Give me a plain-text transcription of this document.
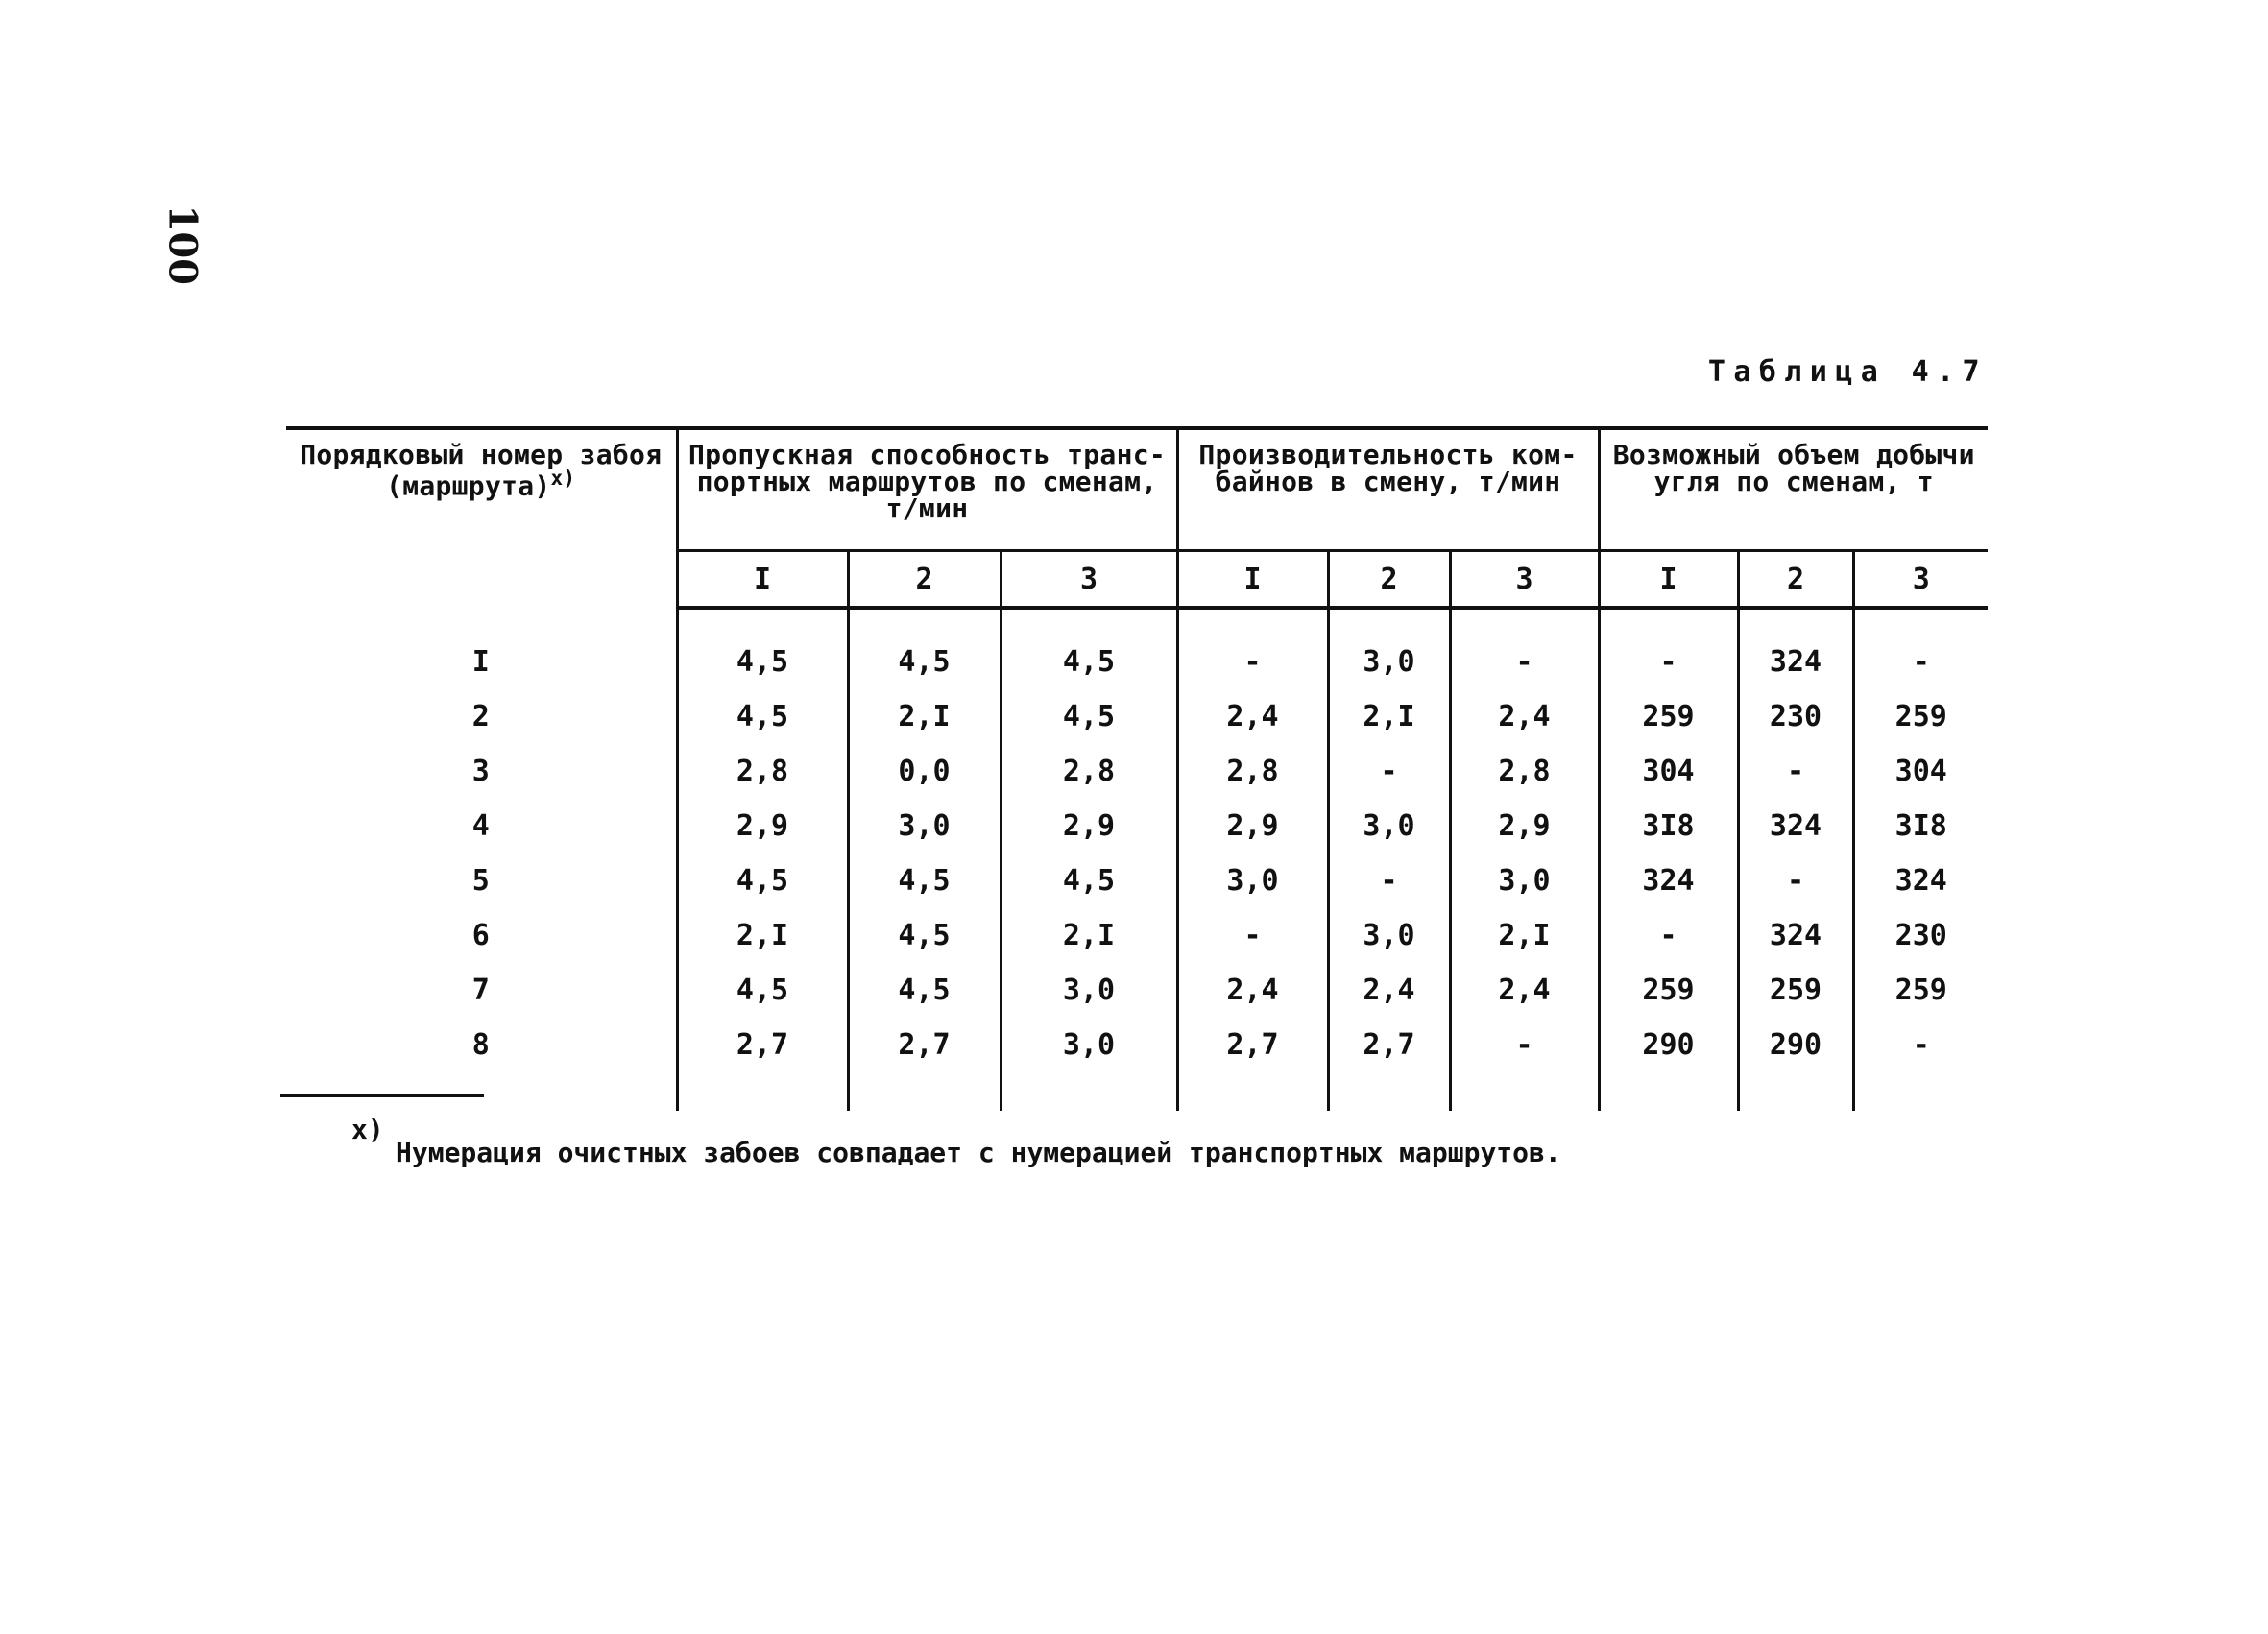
100
Таблица 4.7
Порядковый номер забоя (маршрута)$^{x)}$	Пропускная способность транс- портных маршрутов по сменам, т/мин			Производительность ком- байнов в смену, т/мин			Возможный объем добычи угля по сменам, т		
	I	2	3	I	2	3	I	2	3

I	4,5	4,5	4,5	-	3,0	-	-	324	-
2	4,5	2,I	4,5	2,4	2,I	2,4	259	230	259
3	2,8	0,0	2,8	2,8	-	2,8	304	-	304
4	2,9	3,0	2,9	2,9	3,0	2,9	3I8	324	3I8
5	4,5	4,5	4,5	3,0	-	3,0	324	-	324
6	2,I	4,5	2,I	-	3,0	2,I	-	324	230
7	4,5	4,5	3,0	2,4	2,4	2,4	259	259	259
8	2,7	2,7	3,0	2,7	2,7	-	290	290	-

x)
Нумерация очистных забоев совпадает с нумерацией транспортных маршрутов.
